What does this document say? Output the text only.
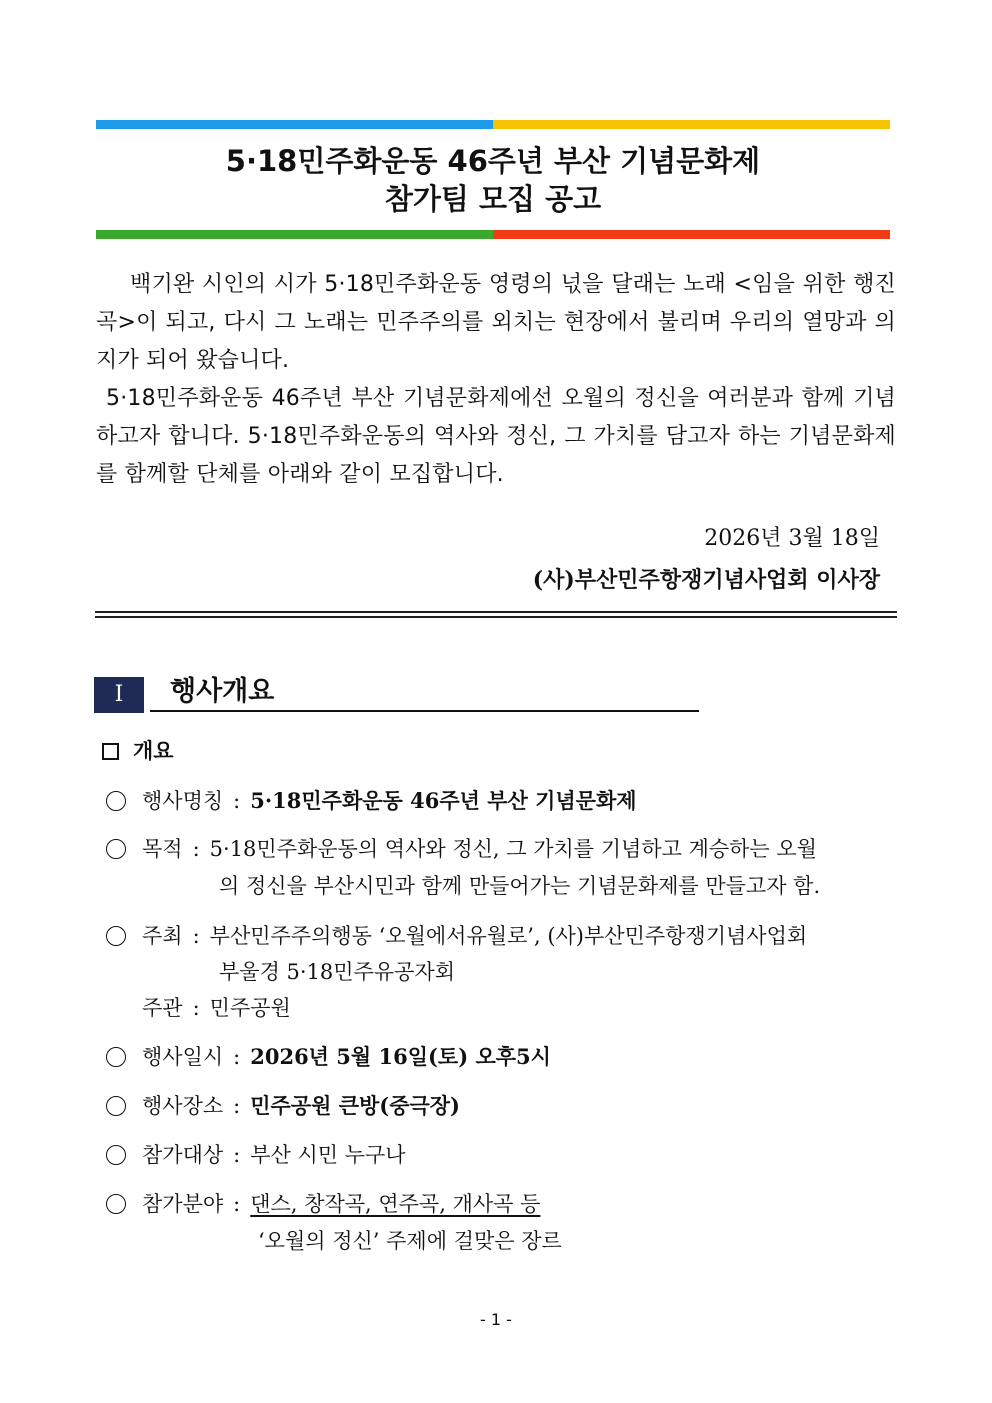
5·18민주화운동 46주년 부산 기념문화제
참가팀 모집 공고

백기완 시인의 시가 5·18민주화운동 영령의 넋을 달래는 노래 <임을 위한 행진곡>이 되고, 다시 그 노래는 민주주의를 외치는 현장에서 불리며 우리의 열망과 의지가 되어 왔습니다.

5·18민주화운동 46주년 부산 기념문화제에선 오월의 정신을 여러분과 함께 기념하고자 합니다. 5·18민주화운동의 역사와 정신, 그 가치를 담고자 하는 기념문화제를 함께할 단체를 아래와 같이 모집합니다.

2026년 3월 18일
(사)부산민주항쟁기념사업회 이사장
Ⅰ	행사개요
개요
행사명칭 : 5·18민주화운동 46주년 부산 기념문화제
목적 : 5·18민주화운동의 역사와 정신, 그 가치를 기념하고 계승하는 오월
의 정신을 부산시민과 함께 만들어가는 기념문화제를 만들고자 함.
주최 : 부산민주주의행동 ‘오월에서유월로’, (사)부산민주항쟁기념사업회
부울경 5·18민주유공자회
주관 : 민주공원
행사일시 : 2026년 5월 16일(토) 오후5시
행사장소 : 민주공원 큰방(중극장)
참가대상 : 부산 시민 누구나
참가분야 : 댄스, 창작곡, 연주곡, 개사곡 등
‘오월의 정신’ 주제에 걸맞은 장르
- 1 -
